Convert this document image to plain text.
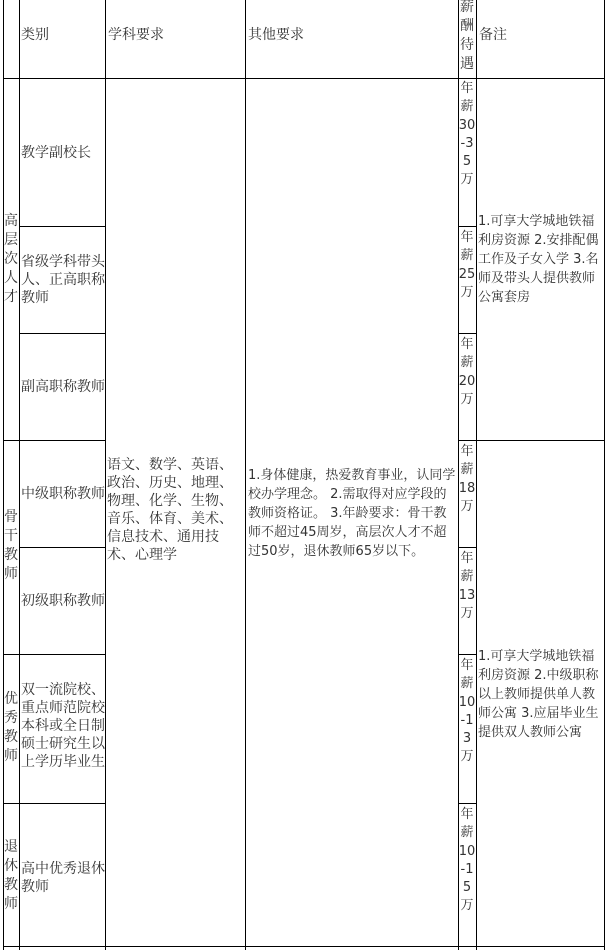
类别	学科要求	其他要求
薪酬待遇
备注
高层次人才
骨干教师
优秀教师
退休教师
教学副校长
省级学科带头人、正高职称教师
副高职称教师
中级职称教师
初级职称教师
双一流院校、重点师范院校本科或全日制硕士研究生以上学历毕业生
高中优秀退休教师
语文、数学、英语、政治、历史、地理、物理、化学、生物、音乐、体育、美术、信息技术、通用技术、心理学
1.身体健康，热爱教育事业，认同学校办学理念。 2.需取得对应学段的教师资格证。 3.年龄要求：骨干教师不超过45周岁，高层次人才不超过50岁，退休教师65岁以下。
年薪30-35万
年薪25万
年薪20万
年薪18万
年薪13万
年薪10-13万
年薪10-15万
1.可享大学城地铁福利房资源 2.安排配偶工作及子女入学 3.名师及带头人提供教师公寓套房
1.可享大学城地铁福利房资源 2.中级职称以上教师提供单人教师公寓 3.应届毕业生提供双人教师公寓
